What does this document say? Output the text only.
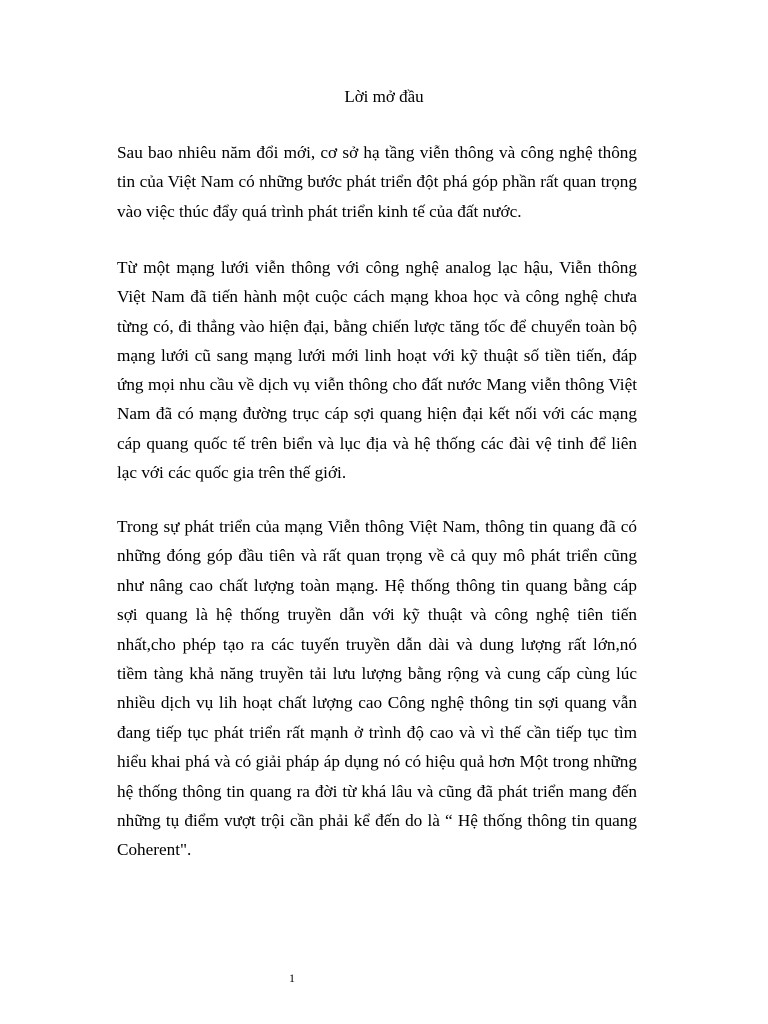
Lời mở đầu

Sau bao nhiêu năm đổi mới, cơ sở hạ tầng viễn thông và công nghệ thông tin của Việt Nam có những bước phát triển đột phá góp phần rất quan trọng vào việc thúc đẩy quá trình phát triển kinh tế của đất nước.

Từ một mạng lưới viễn thông với công nghệ analog lạc hậu, Viễn thông Việt Nam đã tiến hành một cuộc cách mạng khoa học và công nghệ chưa từng có, đi thẳng vào hiện đại, bằng chiến lược tăng tốc để chuyển toàn bộ mạng lưới cũ sang mạng lưới mới linh hoạt với kỹ thuật số tiền tiến, đáp ứng mọi nhu cầu về dịch vụ viễn thông cho đất nước Mang viễn thông Việt Nam đã có mạng đường trục cáp sợi quang hiện đại kết nối với các mạng cáp quang quốc tế trên biển và lục địa và hệ thống các đài vệ tinh để liên lạc với các quốc gia trên thế giới.

Trong sự phát triển của mạng Viễn thông Việt Nam, thông tin quang đã có những đóng góp đầu tiên và rất quan trọng về cả quy mô phát triển cũng như nâng cao chất lượng toàn mạng. Hệ thống thông tin quang bằng cáp sợi quang là hệ thống truyền dẫn với kỹ thuật và công nghệ tiên tiến nhất,cho phép tạo ra các tuyến truyền dẫn dài và dung lượng rất lớn,nó tiềm tàng khả năng truyền tải lưu lượng bằng rộng và cung cấp cùng lúc nhiều dịch vụ lih hoạt chất lượng cao Công nghệ thông tin sợi quang vẫn đang tiếp tục phát triển rất mạnh ở trình độ cao và vì thế cần tiếp tục tìm hiểu khai phá và có giải pháp áp dụng nó có hiệu quả hơn Một trong những hệ thống thông tin quang ra đời từ khá lâu và cũng đã phát triển mang đến những tụ điểm vượt trội cần phải kể đến do là “ Hệ thống thông tin quang Coherent".

1
